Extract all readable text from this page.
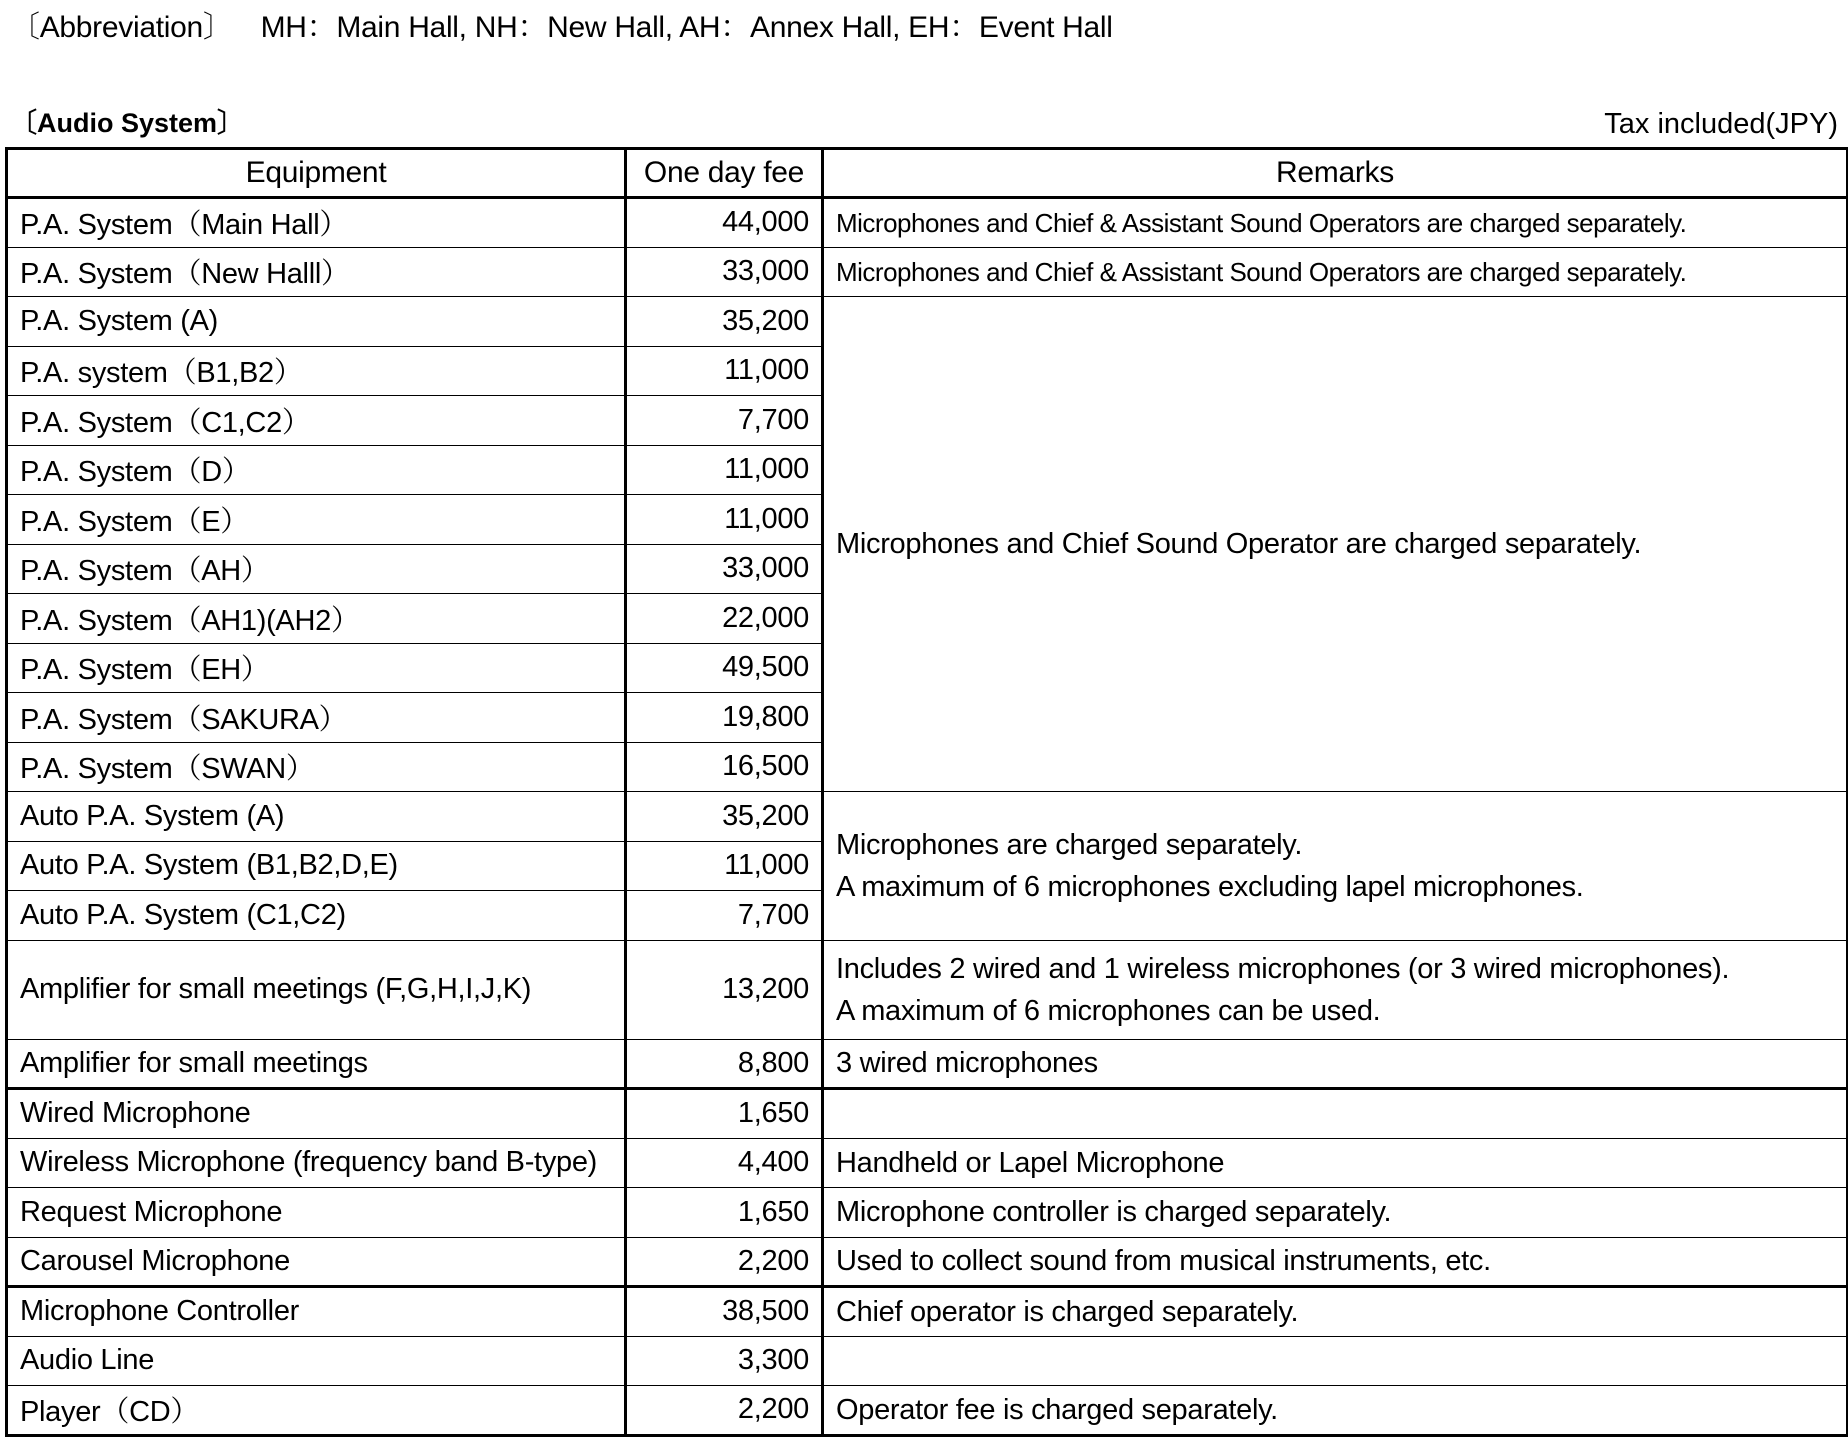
〔Abbreviation〕 MH：Main Hall, NH：New Hall, AH：Annex Hall, EH：Event Hall
〔Audio System〕	Tax included(JPY)
Equipment	One day fee	Remarks
P.A. System（Main Hall）	44,000	Microphones and Chief & Assistant Sound Operators are charged separately.
P.A. System（New Halll）	33,000	Microphones and Chief & Assistant Sound Operators are charged separately.
P.A. System (A)	35,200	Microphones and Chief Sound Operator are charged separately.
P.A. system（B1,B2）	11,000	
P.A. System（C1,C2）	7,700	
P.A. System（D）	11,000	
P.A. System（E）	11,000	
P.A. System（AH）	33,000	
P.A. System（AH1)(AH2）	22,000	
P.A. System（EH）	49,500	
P.A. System（SAKURA）	19,800	
P.A. System（SWAN）	16,500	
Auto P.A. System (A)	35,200	Microphones are charged separately.
A maximum of 6 microphones excluding lapel microphones.

Auto P.A. System (B1,B2,D,E)	11,000	
Auto P.A. System (C1,C2)	7,700	
Amplifier for small meetings (F,G,H,I,J,K)	13,200	Includes 2 wired and 1 wireless microphones (or 3 wired microphones).
A maximum of 6 microphones can be used.

Amplifier for small meetings	8,800	3 wired microphones
Wired Microphone	1,650	
Wireless Microphone (frequency band B-type)	4,400	Handheld or Lapel Microphone
Request Microphone	1,650	Microphone controller is charged separately.
Carousel Microphone	2,200	Used to collect sound from musical instruments, etc.
Microphone Controller	38,500	Chief operator is charged separately.
Audio Line	3,300	
Player（CD）	2,200	Operator fee is charged separately.
